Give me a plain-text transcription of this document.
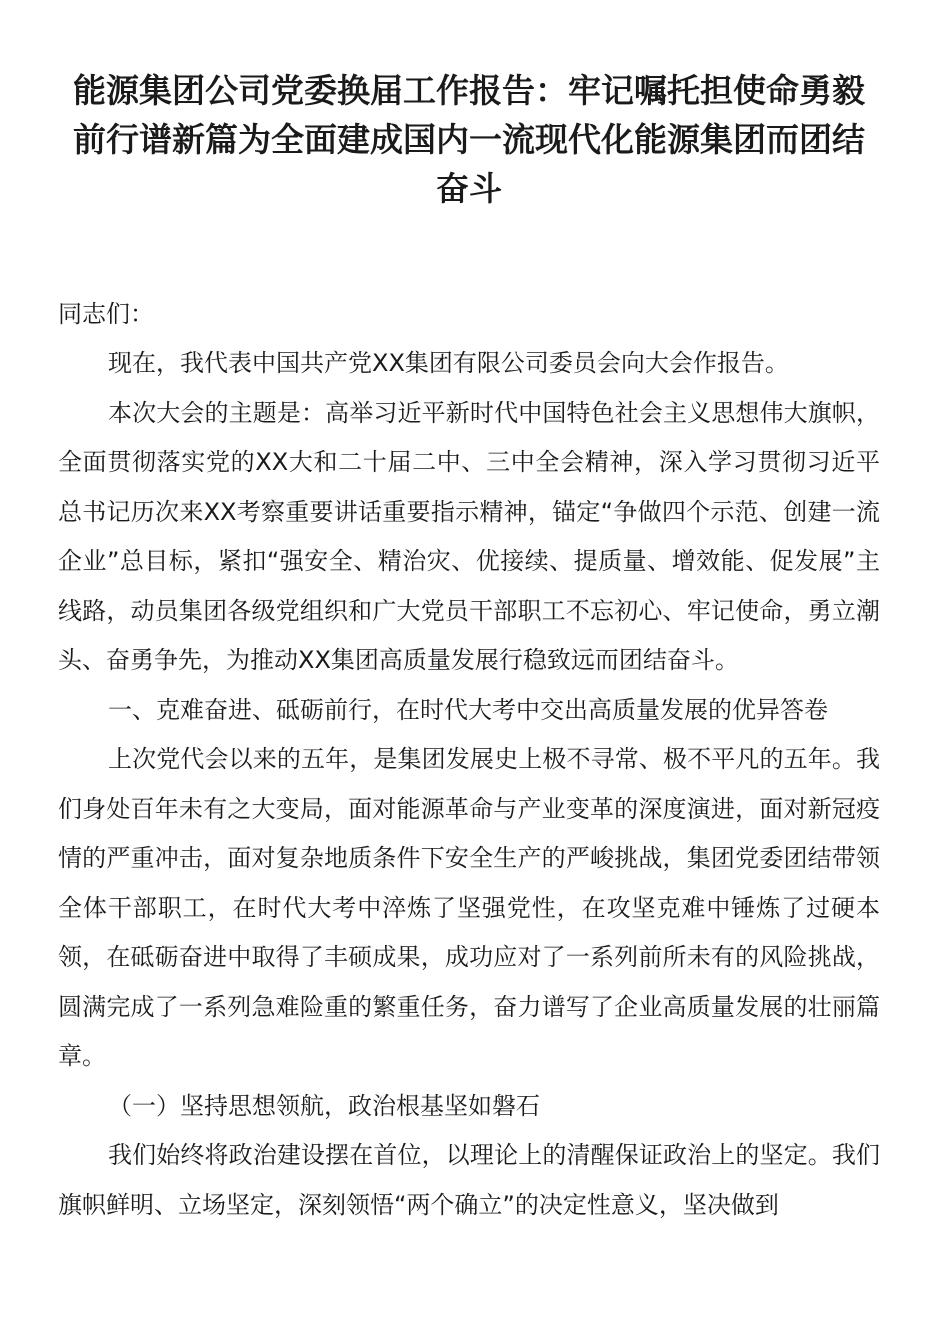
能源集团公司党委换届工作报告：牢记嘱托担使命勇毅前行谱新篇为全面建成国内一流现代化能源集团而团结奋斗

同志们：

现在，我代表中国共产党XX集团有限公司委员会向大会作报告。

本次大会的主题是：高举习近平新时代中国特色社会主义思想伟大旗帜，全面贯彻落实党的XX大和二十届二中、三中全会精神，深入学习贯彻习近平总书记历次来XX考察重要讲话重要指示精神，锚定“争做四个示范、创建一流企业”总目标，紧扣“强安全、精治灾、优接续、提质量、增效能、促发展”主线路，动员集团各级党组织和广大党员干部职工不忘初心、牢记使命，勇立潮头、奋勇争先，为推动XX集团高质量发展行稳致远而团结奋斗。

一、克难奋进、砥砺前行，在时代大考中交出高质量发展的优异答卷

上次党代会以来的五年，是集团发展史上极不寻常、极不平凡的五年。我们身处百年未有之大变局，面对能源革命与产业变革的深度演进，面对新冠疫情的严重冲击，面对复杂地质条件下安全生产的严峻挑战，集团党委团结带领全体干部职工，在时代大考中淬炼了坚强党性，在攻坚克难中锤炼了过硬本领，在砥砺奋进中取得了丰硕成果，成功应对了一系列前所未有的风险挑战，圆满完成了一系列急难险重的繁重任务，奋力谱写了企业高质量发展的壮丽篇章。

（一）坚持思想领航，政治根基坚如磐石

我们始终将政治建设摆在首位，以理论上的清醒保证政治上的坚定。我们旗帜鲜明、立场坚定，深刻领悟“两个确立”的决定性意义，坚决做到
